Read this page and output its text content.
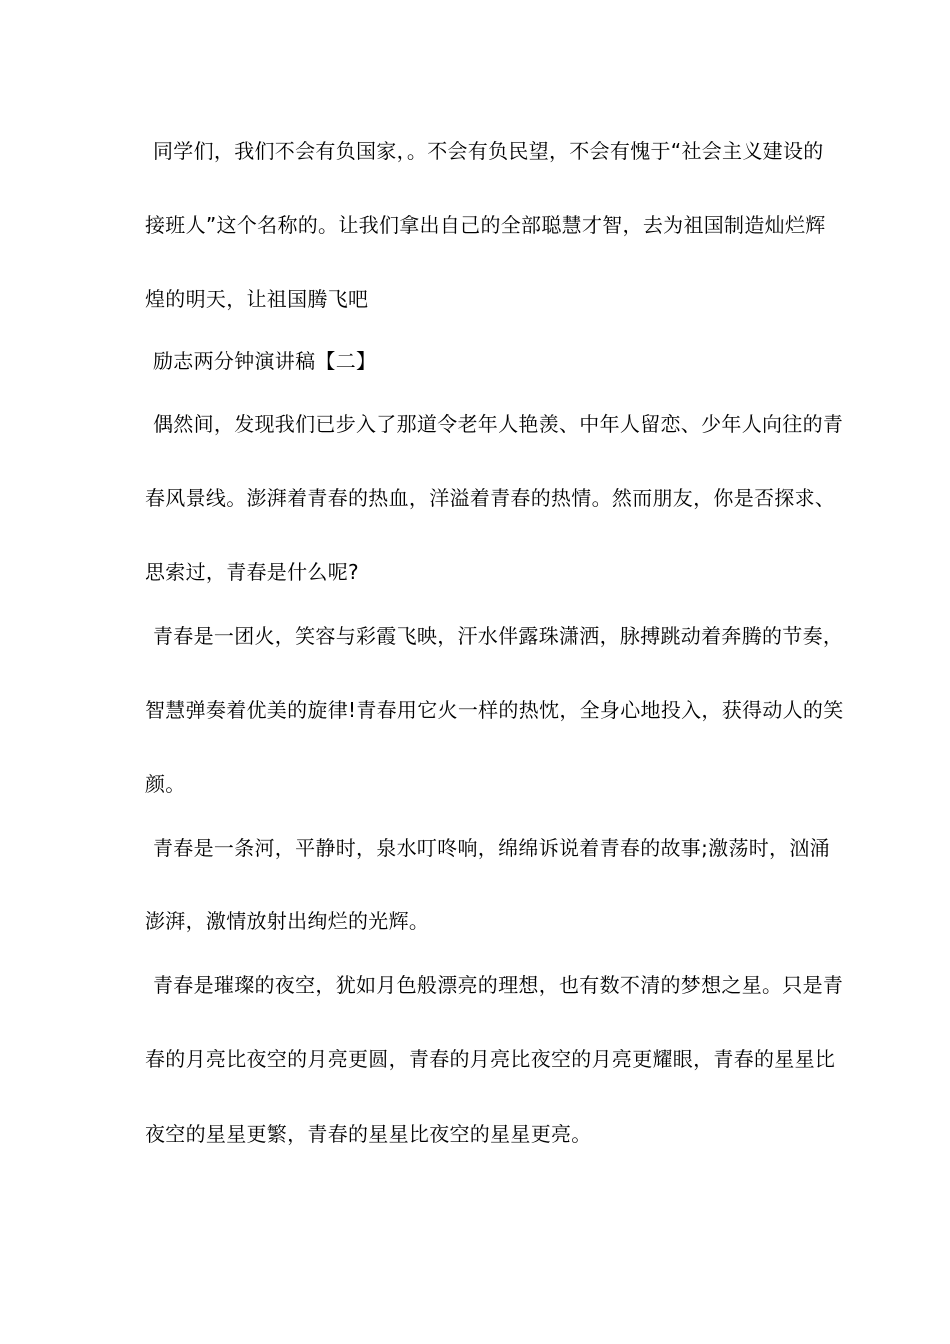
同学们，我们不会有负国家，。不会有负民望，不会有愧于“社会主义建设的
接班人”这个名称的。让我们拿出自己的全部聪慧才智，去为祖国制造灿烂辉
煌的明天，让祖国腾飞吧
励志两分钟演讲稿【二】
偶然间，发现我们已步入了那道令老年人艳羡、中年人留恋、少年人向往的青
春风景线。澎湃着青春的热血，洋溢着青春的热情。然而朋友，你是否探求、
思索过，青春是什么呢?
青春是一团火，笑容与彩霞飞映，汗水伴露珠潇洒，脉搏跳动着奔腾的节奏，
智慧弹奏着优美的旋律!青春用它火一样的热忱，全身心地投入，获得动人的笑
颜。
青春是一条河，平静时，泉水叮咚响，绵绵诉说着青春的故事;激荡时，汹涌
澎湃，激情放射出绚烂的光辉。
青春是璀璨的夜空，犹如月色般漂亮的理想，也有数不清的梦想之星。只是青
春的月亮比夜空的月亮更圆，青春的月亮比夜空的月亮更耀眼，青春的星星比
夜空的星星更繁，青春的星星比夜空的星星更亮。
